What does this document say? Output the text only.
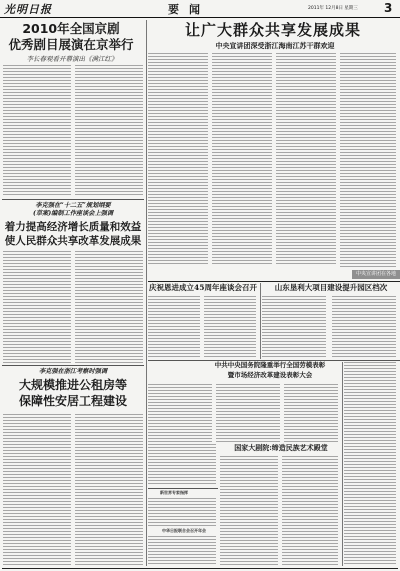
光明日报	要闻	2011年 12月8日 星期三 3
让广大群众共享发展成果
中央宣讲团深受浙江海南江苏干群欢迎
2010年全国京剧
优秀剧目展演在京举行
李长春观看开幕演出《满江红》
李克强在“十二五”规划纲要
(草案)编制工作座谈会上强调
着力提高经济增长质量和效益
使人民群众共享改革发展成果
李克强在浙江考察时强调
大规模推进公租房等
保障性安居工程建设
中央宣讲团在各地
庆祝恩进成立45周年座谈会召开	山东垦利大项目建设提升园区档次
中共中央国务院隆重举行全国劳模表彰
暨市场经济改革建设表彰大会
国家大剧院:缔造民族艺术殿堂
新世界专家指挥
中华日报联合会召开年会
